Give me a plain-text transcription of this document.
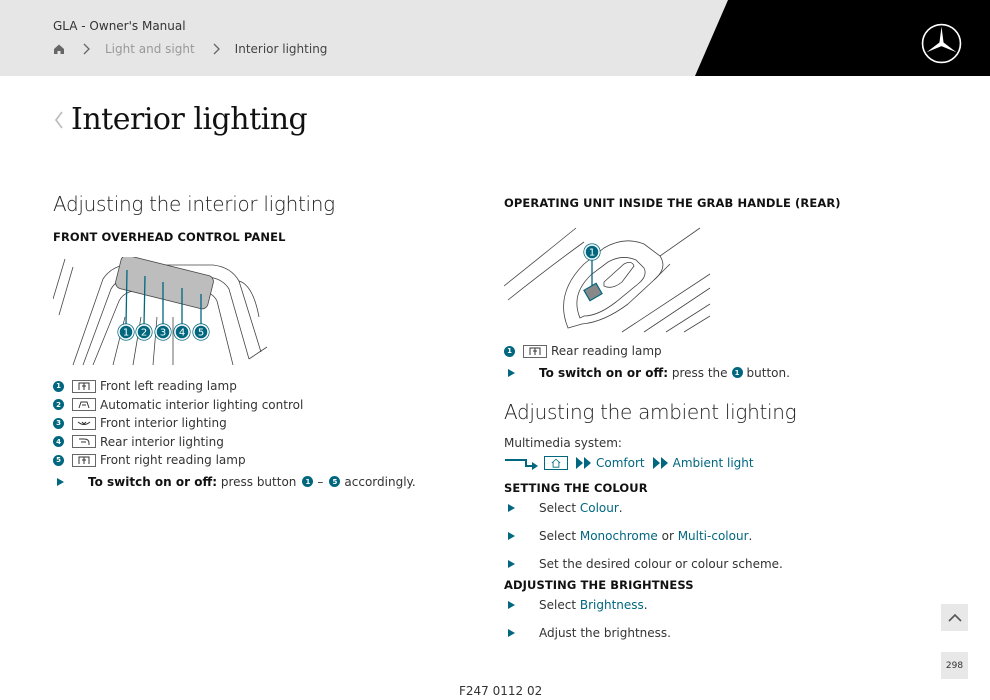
GLA - Owner's Manual
Light and sight	Interior lighting
Interior lighting
Adjusting the interior lighting
FRONT OVERHEAD CONTROL PANEL
1 2 3 4 5
1	Front left reading lamp
2	Automatic interior lighting control
3	Front interior lighting
4	Rear interior lighting
5	Front right reading lamp
To switch on or off:
press button	1 –	5 accordingly.
OPERATING UNIT INSIDE THE GRAB HANDLE (REAR)
1
1	Rear reading lamp
To switch on or off:
press the	1 button.
Adjusting the ambient lighting
Multimedia system:
Comfort Ambient light
SETTING THE COLOUR
Select Colour .
Select Monochrome or Multi-colour .
Set the desired colour or colour scheme.
ADJUSTING THE BRIGHTNESS
Select Brightness .
Adjust the brightness.
298
F247 0112 02
